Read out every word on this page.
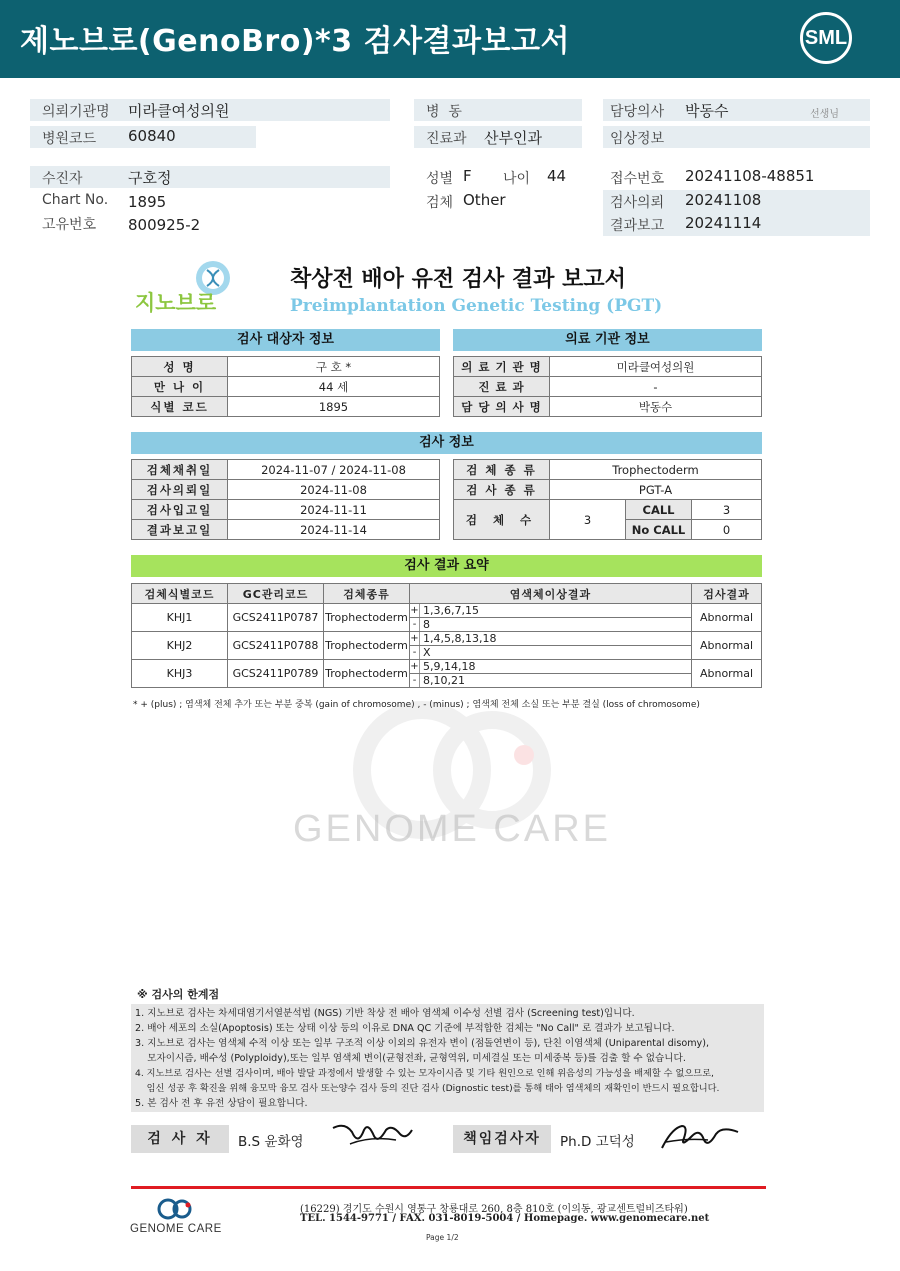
제노브로(GenoBro)*3 검사결과보고서	SML
의뢰기관명 미라클여성의원
병원코드 60840
병  동
진료과 산부인과
담당의사 박동수	선생님
임상정보
수진자	구호정
Chart No. 1895
고유번호 800925-2
성별 F 나이 44
검체 Other
접수번호 20241108-48851
검사의뢰 20241108
결과보고 20241114
지노브로
착상전 배아 유전 검사 결과 보고서
Preimplantation Genetic Testing (PGT)
검사 대상자 정보
성 명	구 호 *
만 나 이	44 세
식별 코드	1895
의료 기관 정보
의 료 기 관 명	미라클여성의원
진 료 과	-
담 당 의 사 명	박동수
검사 정보
검체채취일	2024-11-07 / 2024-11-08
검사의뢰일	2024-11-08
검사입고일	2024-11-11
결과보고일	2024-11-14
검 체 종 류	Trophectoderm		
검 사 종 류	PGT-A		
검 체 수	3	CALL	3
		No CALL	0
검사 결과 요약
검체식별코드	GC관리코드	검체종류	염색체이상결과		검사결과
KHJ1	GCS2411P0787	Trophectoderm	+	1,3,6,7,15	Abnormal
			-	8	
KHJ2	GCS2411P0788	Trophectoderm	+	1,4,5,8,13,18	Abnormal
			-	X	
KHJ3	GCS2411P0789	Trophectoderm	+	5,9,14,18	Abnormal
			-	8,10,21	
* + (plus) ; 염색체 전체 추가 또는 부분 중복 (gain of chromosome) , - (minus) ; 염색체 전체 소실 또는 부분 결실 (loss of chromosome)
GENOME CARE
※ 검사의 한계점
1. 지노브로 검사는 차세대염기서열분석법 (NGS) 기반 착상 전 배아 염색체 이수성 선별 검사 (Screening test)입니다.
2. 배아 세포의 소실(Apoptosis) 또는 상태 이상 등의 이유로 DNA QC 기준에 부적합한 검체는 "No Call" 로 결과가 보고됩니다.
3. 지노브로 검사는 염색체 수적 이상 또는 일부 구조적 이상 이외의 유전자 변이 (점돌연변이 등), 단친 이염색체 (Uniparental disomy),
모자이시즘, 배수성 (Polyploidy),또는 일부 염색체 변이(균형전좌, 균형역위, 미세결실 또는 미세중복 등)를 검출 할 수 없습니다.
4. 지노브로 검사는 선별 검사이며, 배아 발달 과정에서 발생할 수 있는 모자이시즘 및 기타 원인으로 인해 위음성의 가능성을 배제할 수 없으므로,
임신 성공 후 확진을 위해 융모막 융모 검사 또는양수 검사 등의 진단 검사 (Dignostic test)를 통해 태아 염색체의 재확인이 반드시 필요합니다.
5. 본 검사 전 후 유전 상담이 필요합니다.
검 사 자	B.S 윤화영	책임검사자	Ph.D 고덕성
GENOME CARE
(16229) 경기도 수원시 영통구 창룡대로 260, 8층 810호 (이의동, 광교센트럴비즈타워)
TEL. 1544-9771 / FAX. 031-8019-5004 / Homepage. www.genomecare.net
Page 1/2
